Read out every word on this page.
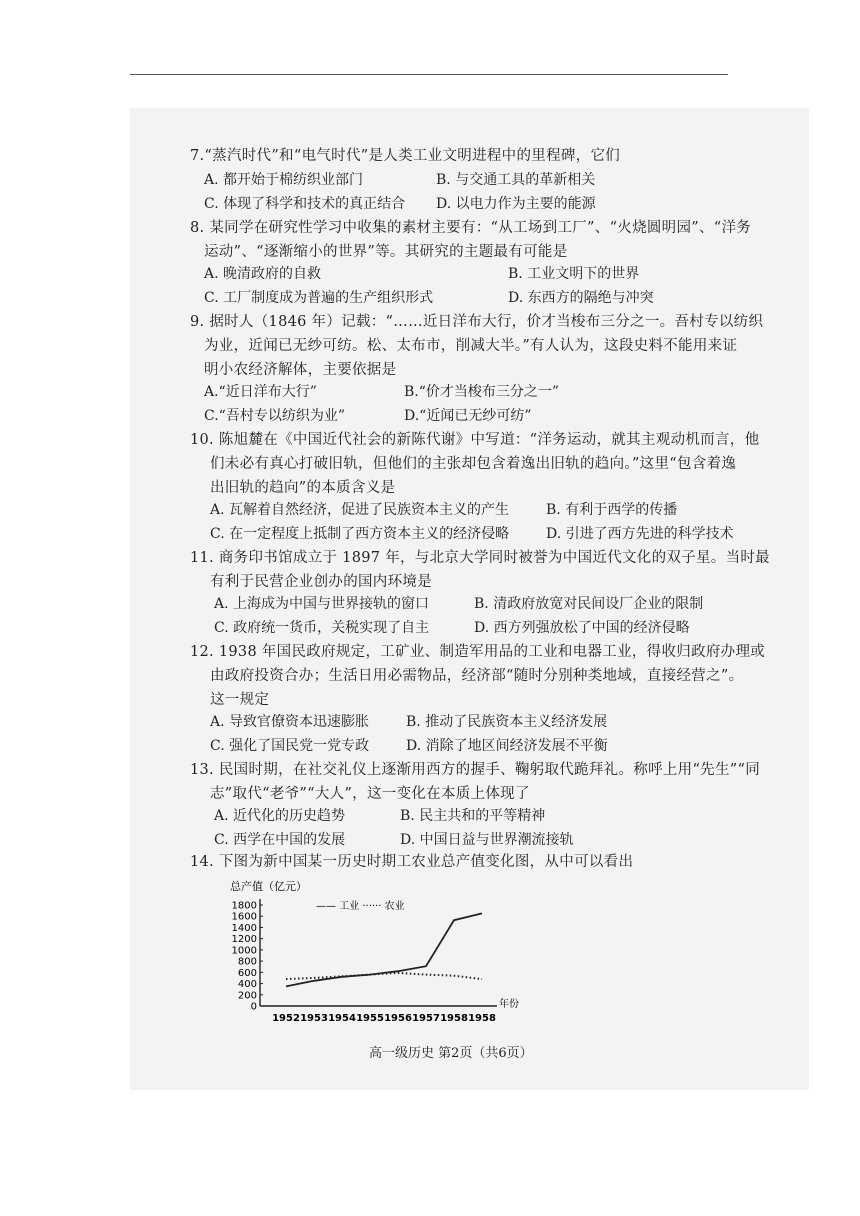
7.“蒸汽时代”和“电气时代”是人类工业文明进程中的里程碑，它们
A. 都开始于棉纺织业部门	B. 与交通工具的革新相关
C. 体现了科学和技术的真正结合 D. 以电力作为主要的能源
8. 某同学在研究性学习中收集的素材主要有：“从工场到工厂”、“火烧圆明园”、“洋务
运动”、“逐渐缩小的世界”等。其研究的主题最有可能是
A. 晚清政府的自救	B. 工业文明下的世界
C. 工厂制度成为普遍的生产组织形式	D. 东西方的隔绝与冲突
9. 据时人（1846 年）记载：“……近日洋布大行，价才当梭布三分之一。吾村专以纺织
为业，近闻已无纱可纺。松、太布市，削减大半。”有人认为，这段史料不能用来证
明小农经济解体，主要依据是
A.“近日洋布大行”	B.“价才当梭布三分之一”
C.“吾村专以纺织为业”	D.“近闻已无纱可纺”
10. 陈旭麓在《中国近代社会的新陈代谢》中写道：“洋务运动，就其主观动机而言，他
们未必有真心打破旧轨，但他们的主张却包含着逸出旧轨的趋向。”这里“包含着逸
出旧轨的趋向”的本质含义是
A. 瓦解着自然经济，促进了民族资本主义的产生	B. 有利于西学的传播
C. 在一定程度上抵制了西方资本主义的经济侵略	D. 引进了西方先进的科学技术
11. 商务印书馆成立于 1897 年，与北京大学同时被誉为中国近代文化的双子星。当时最
有利于民营企业创办的国内环境是
A. 上海成为中国与世界接轨的窗口	B. 清政府放宽对民间设厂企业的限制
C. 政府统一货币，关税实现了自主	D. 西方列强放松了中国的经济侵略
12. 1938 年国民政府规定，工矿业、制造军用品的工业和电器工业，得收归政府办理或
由政府投资合办；生活日用必需物品，经济部“随时分别种类地域，直接经营之”。
这一规定
A. 导致官僚资本迅速膨胀	B. 推动了民族资本主义经济发展
C. 强化了国民党一党专政	D. 消除了地区间经济发展不平衡
13. 民国时期，在社交礼仪上逐渐用西方的握手、鞠躬取代跪拜礼。称呼上用“先生”“同
志”取代“老爷”“大人”，这一变化在本质上体现了
A. 近代化的历史趋势	B. 民主共和的平等精神
C. 西学在中国的发展	D. 中国日益与世界潮流接轨
14. 下图为新中国某一历史时期工农业总产值变化图，从中可以看出
总产值（亿元）
—— 工业 ······ 农业
年份
1800
1600
1400
1200
1000
800
600
400
200
0
1952 1953 1954 1955 1956 1957 1958 1958
高一级历史 第2页（共6页）
